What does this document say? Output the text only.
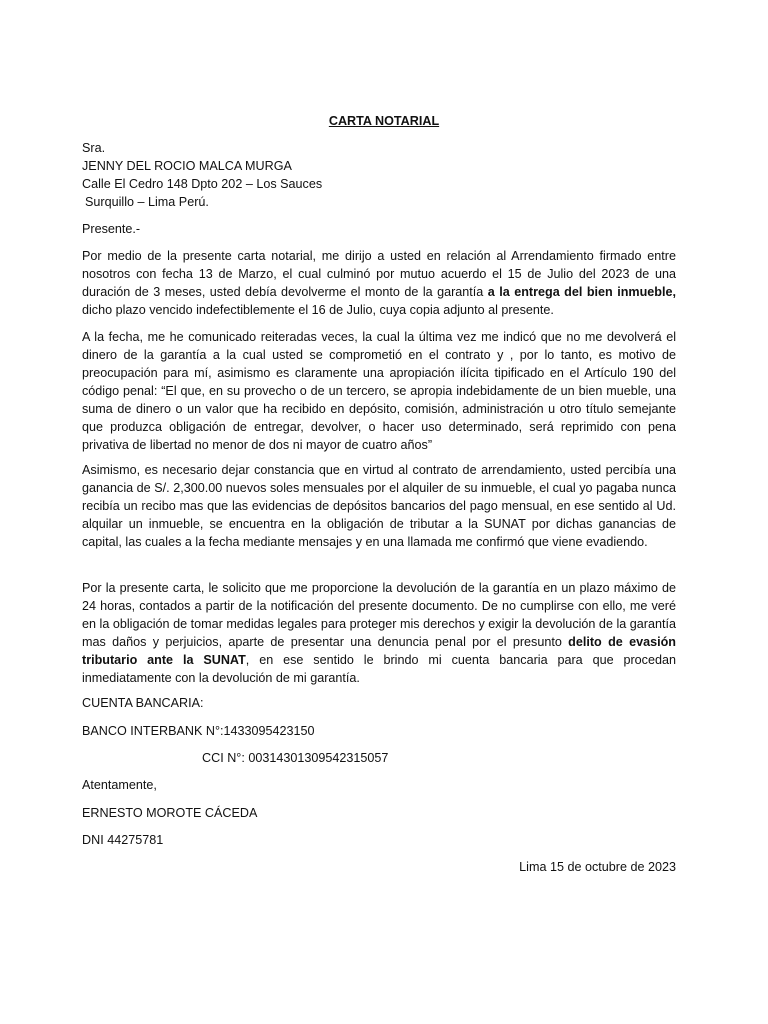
CARTA NOTARIAL
Sra.
JENNY DEL ROCIO MALCA MURGA
Calle El Cedro 148 Dpto 202 – Los Sauces
Surquillo – Lima Perú.
Presente.-

Por medio de la presente carta notarial, me dirijo a usted en relación al Arrendamiento firmado entre nosotros con fecha 13 de Marzo, el cual culminó por mutuo acuerdo el 15 de Julio del 2023 de una duración de 3 meses, usted debía devolverme el monto de la garantía a la entrega del bien inmueble, dicho plazo vencido indefectiblemente el 16 de Julio, cuya copia adjunto al presente.

A la fecha, me he comunicado reiteradas veces, la cual la última vez me indicó que no me devolverá el dinero de la garantía a la cual usted se comprometió en el contrato y , por lo tanto, es motivo de preocupación para mí, asimismo es claramente una apropiación ilícita tipificado en el Artículo 190 del código penal: “El que, en su provecho o de un tercero, se apropia indebidamente de un bien mueble, una suma de dinero o un valor que ha recibido en depósito, comisión, administración u otro título semejante que produzca obligación de entregar, devolver, o hacer uso determinado, será reprimido con pena privativa de libertad no menor de dos ni mayor de cuatro años”

Asimismo, es necesario dejar constancia que en virtud al contrato de arrendamiento, usted percibía una ganancia de S/. 2,300.00 nuevos soles mensuales por el alquiler de su inmueble, el cual yo pagaba nunca recibía un recibo mas que las evidencias de depósitos bancarios del pago mensual, en ese sentido al Ud. alquilar un inmueble, se encuentra en la obligación de tributar a la SUNAT por dichas ganancias de capital, las cuales a la fecha mediante mensajes y en una llamada me confirmó que viene evadiendo.

Por la presente carta, le solicito que me proporcione la devolución de la garantía en un plazo máximo de 24 horas, contados a partir de la notificación del presente documento. De no cumplirse con ello, me veré en la obligación de tomar medidas legales para proteger mis derechos y exigir la devolución de la garantía mas daños y perjuicios, aparte de presentar una denuncia penal por el presunto delito de evasión tributario ante la SUNAT, en ese sentido le brindo mi cuenta bancaria para que procedan inmediatamente con la devolución de mi garantía.

CUENTA BANCARIA:
BANCO INTERBANK N°:1433095423150
CCI N°: 00314301309542315057
Atentamente,
ERNESTO MOROTE CÁCEDA
DNI 44275781
Lima 15 de octubre de 2023
